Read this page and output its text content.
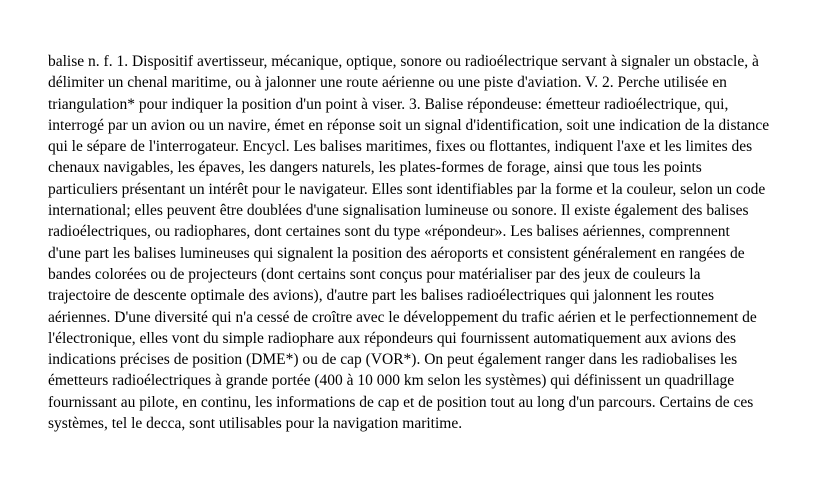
balise n. f. 1. Dispositif avertisseur, mécanique, optique, sonore ou radioélectrique servant à signaler un obstacle, à
délimiter un chenal maritime, ou à jalonner une route aérienne ou une piste d'aviation. V. 2. Perche utilisée en
triangulation* pour indiquer la position d'un point à viser. 3. Balise répondeuse: émetteur radioélectrique, qui,
interrogé par un avion ou un navire, émet en réponse soit un signal d'identification, soit une indication de la distance
qui le sépare de l'interrogateur. Encycl. Les balises maritimes, fixes ou flottantes, indiquent l'axe et les limites des
chenaux navigables, les épaves, les dangers naturels, les plates-formes de forage, ainsi que tous les points
particuliers présentant un intérêt pour le navigateur. Elles sont identifiables par la forme et la couleur, selon un code
international; elles peuvent être doublées d'une signalisation lumineuse ou sonore. Il existe également des balises
radioélectriques, ou radiophares, dont certaines sont du type «répondeur». Les balises aériennes, comprennent
d'une part les balises lumineuses qui signalent la position des aéroports et consistent généralement en rangées de
bandes colorées ou de projecteurs (dont certains sont conçus pour matérialiser par des jeux de couleurs la
trajectoire de descente optimale des avions), d'autre part les balises radioélectriques qui jalonnent les routes
aériennes. D'une diversité qui n'a cessé de croître avec le développement du trafic aérien et le perfectionnement de
l'électronique, elles vont du simple radiophare aux répondeurs qui fournissent automatiquement aux avions des
indications précises de position (DME*) ou de cap (VOR*). On peut également ranger dans les radiobalises les
émetteurs radioélectriques à grande portée (400 à 10 000 km selon les systèmes) qui définissent un quadrillage
fournissant au pilote, en continu, les informations de cap et de position tout au long d'un parcours. Certains de ces
systèmes, tel le decca, sont utilisables pour la navigation maritime.
